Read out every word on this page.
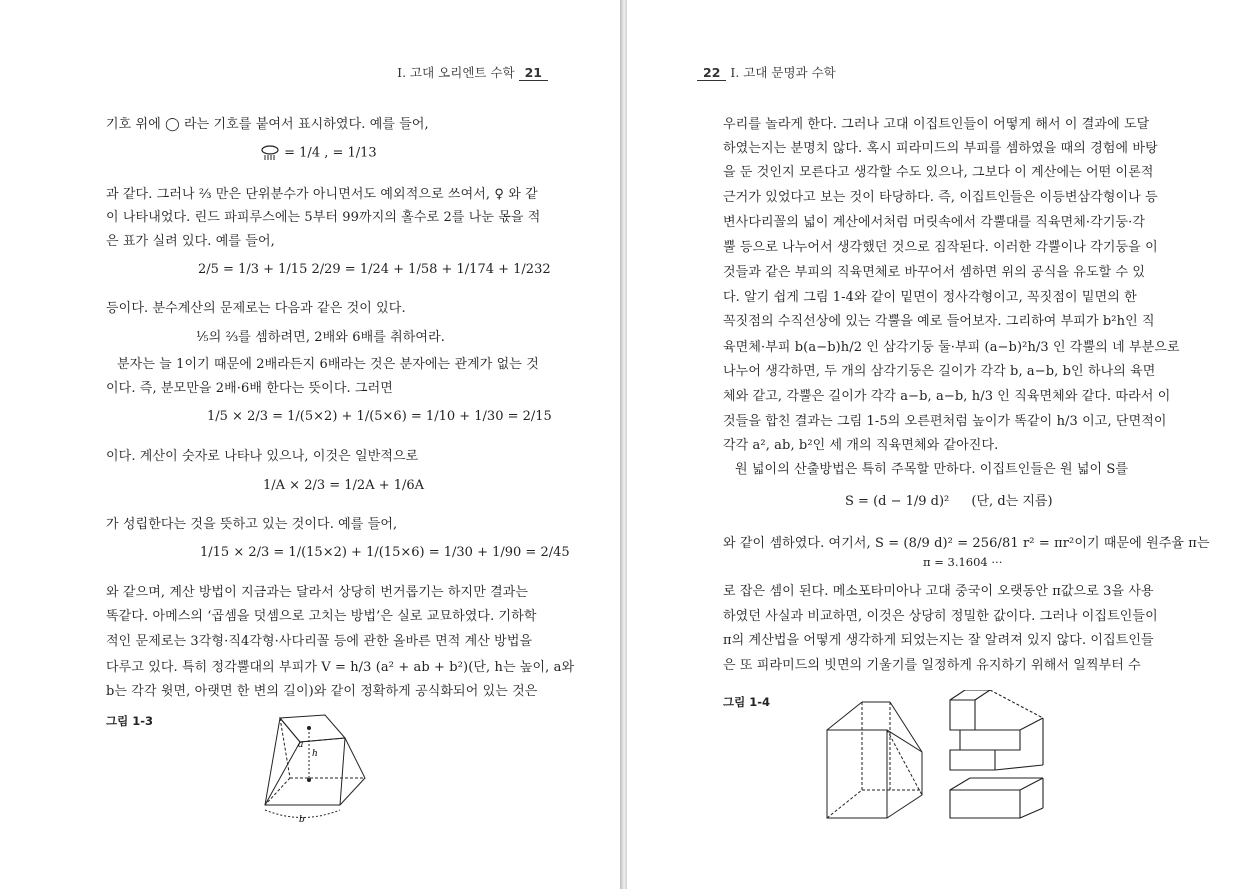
Ⅰ. 고대 오리엔트 수학 21
기호 위에 ◯ 라는 기호를 붙여서 표시하였다. 예를 들어,
= 1/4 , = 1/13
과 같다. 그러나 ⅔ 만은 단위분수가 아니면서도 예외적으로 쓰여서, ♀ 와 같
이 나타내었다. 린드 파피루스에는 5부터 99까지의 홀수로 2를 나눈 몫을 적
은 표가 실려 있다. 예를 들어,
2/5 = 1/3 + 1/15 2/29 = 1/24 + 1/58 + 1/174 + 1/232
등이다. 분수계산의 문제로는 다음과 같은 것이 있다.
⅕의 ⅔를 셈하려면, 2배와 6배를 취하여라.
분자는 늘 1이기 때문에 2배라든지 6배라는 것은 분자에는 관계가 없는 것
이다. 즉, 분모만을 2배·6배 한다는 뜻이다. 그러면
1/5 × 2/3 = 1/(5×2) + 1/(5×6) = 1/10 + 1/30 = 2/15
이다. 계산이 숫자로 나타나 있으나, 이것은 일반적으로
1/A × 2/3 = 1/2A + 1/6A
가 성립한다는 것을 뜻하고 있는 것이다. 예를 들어,
1/15 × 2/3 = 1/(15×2) + 1/(15×6) = 1/30 + 1/90 = 2/45
와 같으며, 계산 방법이 지금과는 달라서 상당히 번거롭기는 하지만 결과는
똑같다. 아메스의 ‘곱셈을 덧셈으로 고치는 방법’은 실로 교묘하였다. 기하학
적인 문제로는 3각형·직4각형·사다리꼴 등에 관한 올바른 면적 계산 방법을
다루고 있다. 특히 정각뿔대의 부피가 V = h/3 (a² + ab + b²)(단, h는 높이, a와
b는 각각 윗면, 아랫면 한 변의 길이)와 같이 정확하게 공식화되어 있는 것은
그림 1-3
a
h
b
22 Ⅰ. 고대 문명과 수학
우리를 놀라게 한다. 그러나 고대 이집트인들이 어떻게 해서 이 결과에 도달
하였는지는 분명치 않다. 혹시 피라미드의 부피를 셈하였을 때의 경험에 바탕
을 둔 것인지 모른다고 생각할 수도 있으나, 그보다 이 계산에는 어떤 이론적
근거가 있었다고 보는 것이 타당하다. 즉, 이집트인들은 이등변삼각형이나 등
변사다리꼴의 넓이 계산에서처럼 머릿속에서 각뿔대를 직육면체·각기둥·각
뿔 등으로 나누어서 생각했던 것으로 짐작된다. 이러한 각뿔이나 각기둥을 이
것들과 같은 부피의 직육면체로 바꾸어서 셈하면 위의 공식을 유도할 수 있
다. 알기 쉽게 그림 1-4와 같이 밑면이 정사각형이고, 꼭짓점이 밑면의 한
꼭짓점의 수직선상에 있는 각뿔을 예로 들어보자. 그리하여 부피가 b²h인 직
육면체·부피 b(a−b)h/2 인 삼각기둥 둘·부피 (a−b)²h/3 인 각뿔의 네 부분으로
나누어 생각하면, 두 개의 삼각기둥은 길이가 각각 b, a−b, b인 하나의 육면
체와 같고, 각뿔은 길이가 각각 a−b, a−b, h/3 인 직육면체와 같다. 따라서 이
것들을 합친 결과는 그림 1-5의 오른편처럼 높이가 똑같이 h/3 이고, 단면적이
각각 a², ab, b²인 세 개의 직육면체와 같아진다.
원 넓이의 산출방법은 특히 주목할 만하다. 이집트인들은 원 넓이 S를
S = (d − 1/9 d)² (단, d는 지름)
와 같이 셈하였다. 여기서, S = (8/9 d)² = 256/81 r² = πr²이기 때문에 원주율 π는
π = 3.1604 ···
로 잡은 셈이 된다. 메소포타미아나 고대 중국이 오랫동안 π값으로 3을 사용
하였던 사실과 비교하면, 이것은 상당히 정밀한 값이다. 그러나 이집트인들이
π의 계산법을 어떻게 생각하게 되었는지는 잘 알려져 있지 않다. 이집트인들
은 또 피라미드의 빗면의 기울기를 일정하게 유지하기 위해서 일찍부터 수
그림 1-4
